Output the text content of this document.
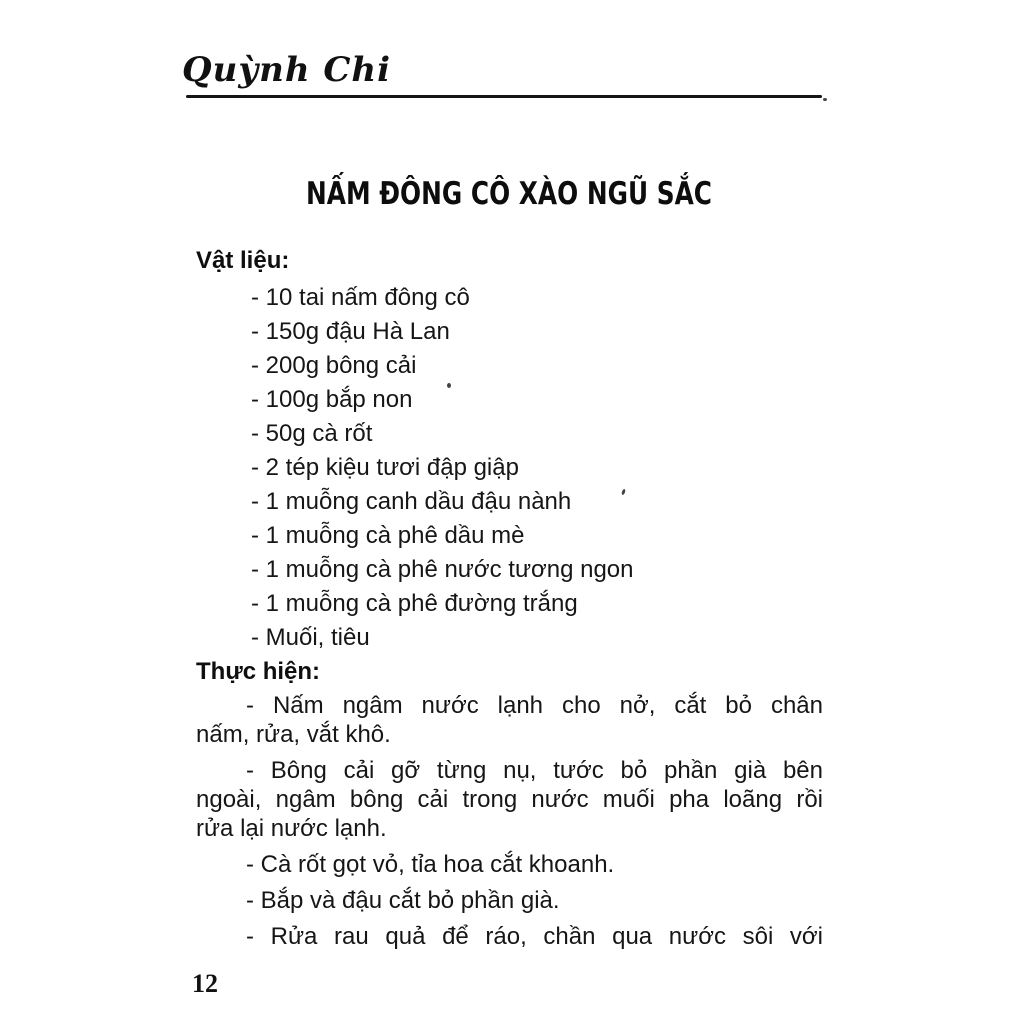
Quỳnh Chi
NẤM ĐÔNG CÔ XÀO NGŨ SẮC
Vật liệu:
- 10 tai nấm đông cô
- 150g đậu Hà Lan
- 200g bông cải
- 100g bắp non
- 50g cà rốt
- 2 tép kiệu tươi đập giập
- 1 muỗng canh dầu đậu nành
- 1 muỗng cà phê dầu mè
- 1 muỗng cà phê nước tương ngon
- 1 muỗng cà phê đường trắng
- Muối, tiêu
Thực hiện:
- Nấm ngâm nước lạnh cho nở, cắt bỏ chân
nấm, rửa, vắt khô.
- Bông cải gỡ từng nụ, tước bỏ phần già bên
ngoài, ngâm bông cải trong nước muối pha loãng rồi
rửa lại nước lạnh.
- Cà rốt gọt vỏ, tỉa hoa cắt khoanh.
- Bắp và đậu cắt bỏ phần già.
- Rửa rau quả để ráo, chần qua nước sôi với
12
